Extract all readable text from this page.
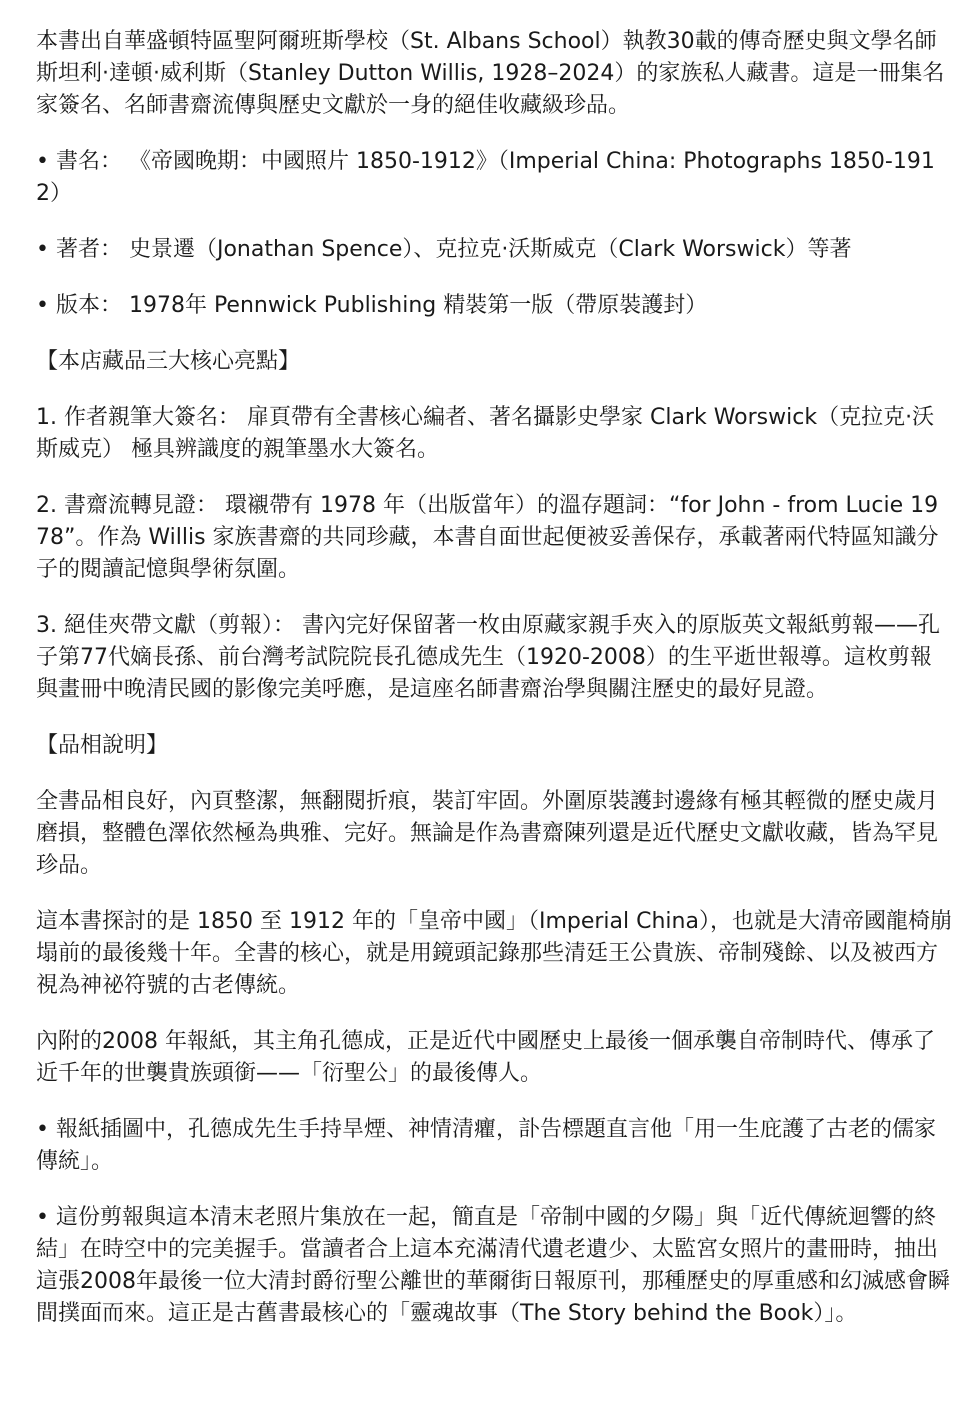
本書出自華盛頓特區聖阿爾班斯學校（St. Albans School）執教30載的傳奇歷史與文學名師斯坦利·達頓·威利斯（Stanley Dutton Willis, 1928–2024）的家族私人藏書。這是一冊集名家簽名、名師書齋流傳與歷史文獻於一身的絕佳收藏級珍品。

• 書名： 《帝國晚期：中國照片 1850-1912》（Imperial China: Photographs 1850-1912）

• 著者： 史景遷（Jonathan Spence）、克拉克·沃斯威克（Clark Worswick）等著

• 版本： 1978年 Pennwick Publishing 精裝第一版（帶原裝護封）

【本店藏品三大核心亮點】

1. 作者親筆大簽名： 扉頁帶有全書核心編者、著名攝影史學家 Clark Worswick（克拉克·沃斯威克） 極具辨識度的親筆墨水大簽名。

2. 書齋流轉見證： 環襯帶有 1978 年（出版當年）的溫存題詞：“for John - from Lucie 1978”。作為 Willis 家族書齋的共同珍藏，本書自面世起便被妥善保存，承載著兩代特區知識分子的閱讀記憶與學術氛圍。

3. 絕佳夾帶文獻（剪報）： 書內完好保留著一枚由原藏家親手夾入的原版英文報紙剪報——孔子第77代嫡長孫、前台灣考試院院長孔德成先生（1920-2008）的生平逝世報導。這枚剪報與畫冊中晚清民國的影像完美呼應，是這座名師書齋治學與關注歷史的最好見證。

【品相說明】

全書品相良好，內頁整潔，無翻閱折痕，裝訂牢固。外圍原裝護封邊緣有極其輕微的歷史歲月磨損，整體色澤依然極為典雅、完好。無論是作為書齋陳列還是近代歷史文獻收藏，皆為罕見珍品。

這本書探討的是 1850 至 1912 年的「皇帝中國」（Imperial China），也就是大清帝國龍椅崩塌前的最後幾十年。全書的核心，就是用鏡頭記錄那些清廷王公貴族、帝制殘餘、以及被西方視為神祕符號的古老傳統。

內附的2008 年報紙，其主角孔德成，正是近代中國歷史上最後一個承襲自帝制時代、傳承了近千年的世襲貴族頭銜——「衍聖公」的最後傳人。

• 報紙插圖中，孔德成先生手持旱煙、神情清癯，訃告標題直言他「用一生庇護了古老的儒家傳統」。

• 這份剪報與這本清末老照片集放在一起，簡直是「帝制中國的夕陽」與「近代傳統迴響的終結」在時空中的完美握手。當讀者合上這本充滿清代遺老遺少、太監宮女照片的畫冊時，抽出這張2008年最後一位大清封爵衍聖公離世的華爾街日報原刊，那種歷史的厚重感和幻滅感會瞬間撲面而來。這正是古舊書最核心的「靈魂故事（The Story behind the Book）」。
